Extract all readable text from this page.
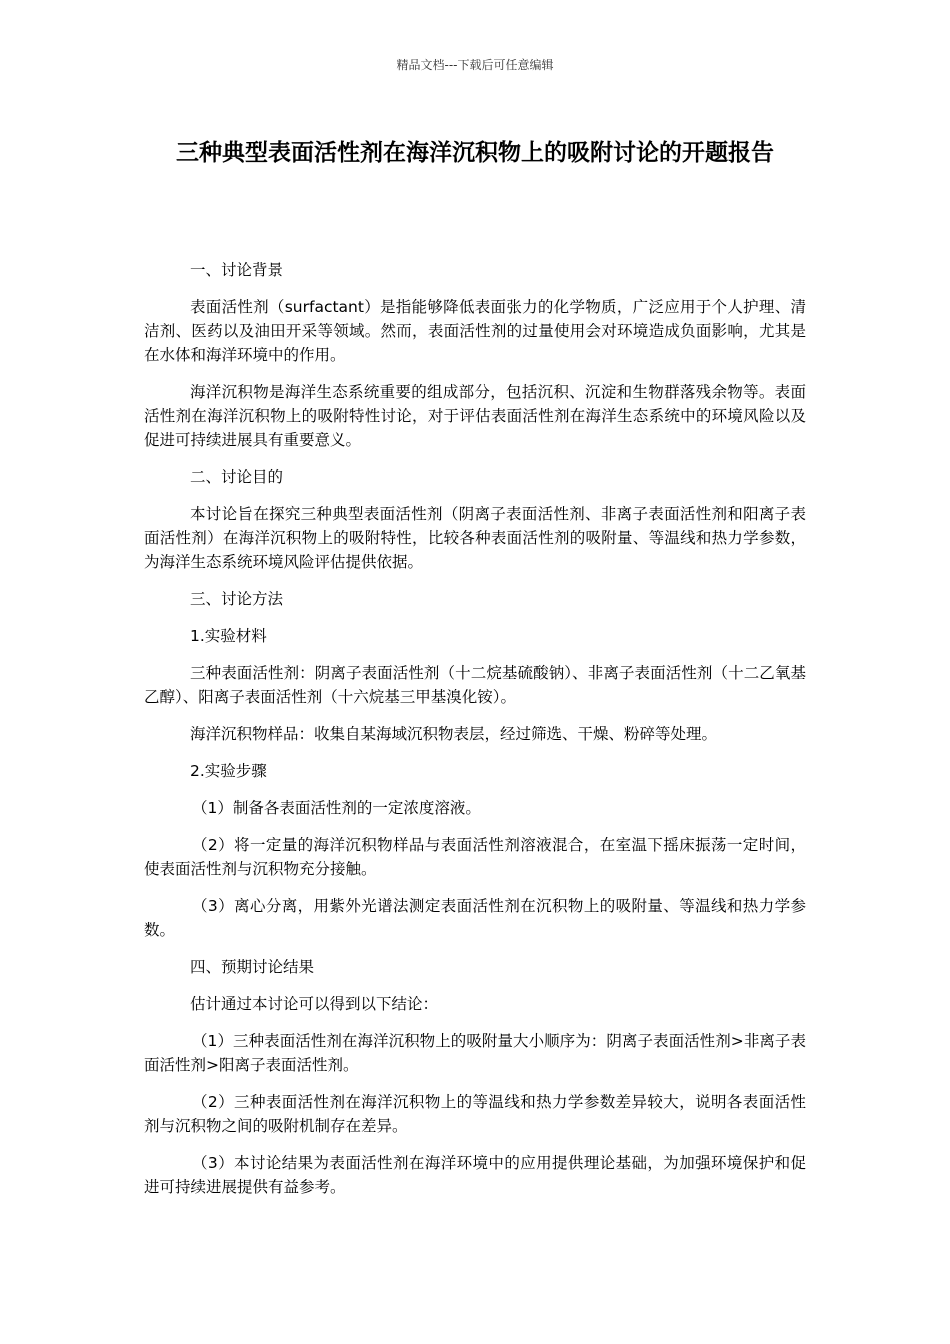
精品文档---下载后可任意编辑
三种典型表面活性剂在海洋沉积物上的吸附讨论的开题报告

一、讨论背景

表面活性剂（surfactant）是指能够降低表面张力的化学物质，广泛应用于个人护理、清洁剂、医药以及油田开采等领域。然而，表面活性剂的过量使用会对环境造成负面影响，尤其是在水体和海洋环境中的作用。

海洋沉积物是海洋生态系统重要的组成部分，包括沉积、沉淀和生物群落残余物等。表面活性剂在海洋沉积物上的吸附特性讨论，对于评估表面活性剂在海洋生态系统中的环境风险以及促进可持续进展具有重要意义。

二、讨论目的

本讨论旨在探究三种典型表面活性剂（阴离子表面活性剂、非离子表面活性剂和阳离子表面活性剂）在海洋沉积物上的吸附特性，比较各种表面活性剂的吸附量、等温线和热力学参数，为海洋生态系统环境风险评估提供依据。

三、讨论方法

1.实验材料

三种表面活性剂：阴离子表面活性剂（十二烷基硫酸钠）、非离子表面活性剂（十二乙氧基乙醇）、阳离子表面活性剂（十六烷基三甲基溴化铵）。

海洋沉积物样品：收集自某海域沉积物表层，经过筛选、干燥、粉碎等处理。

2.实验步骤

（1）制备各表面活性剂的一定浓度溶液。

（2）将一定量的海洋沉积物样品与表面活性剂溶液混合，在室温下摇床振荡一定时间，使表面活性剂与沉积物充分接触。

（3）离心分离，用紫外光谱法测定表面活性剂在沉积物上的吸附量、等温线和热力学参数。

四、预期讨论结果

估计通过本讨论可以得到以下结论：

（1）三种表面活性剂在海洋沉积物上的吸附量大小顺序为：阴离子表面活性剂>非离子表面活性剂>阳离子表面活性剂。

（2）三种表面活性剂在海洋沉积物上的等温线和热力学参数差异较大，说明各表面活性剂与沉积物之间的吸附机制存在差异。

（3）本讨论结果为表面活性剂在海洋环境中的应用提供理论基础，为加强环境保护和促进可持续进展提供有益参考。
